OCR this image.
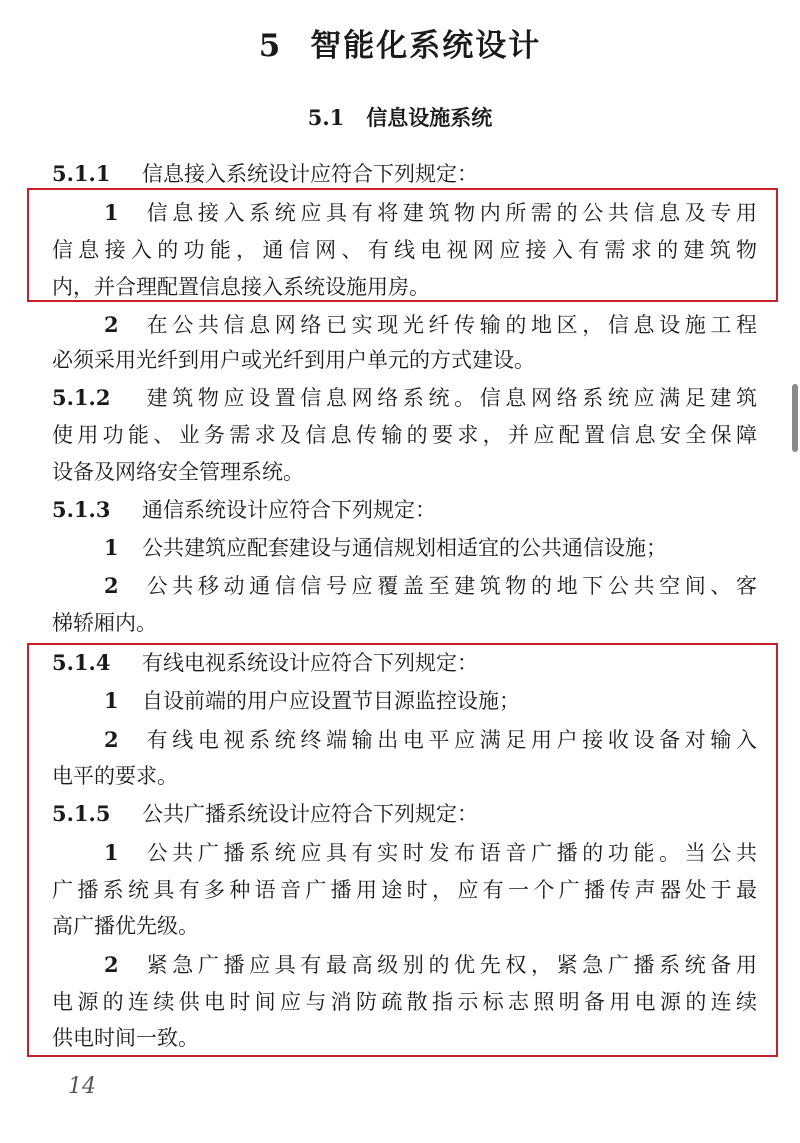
5 智能化系统设计
5.1 信息设施系统
5.1.1 信息接入系统设计应符合下列规定：
1 信息接入系统应具有将建筑物内所需的公共信息及专用
信息接入的功能，通信网、有线电视网应接入有需求的建筑物
内，并合理配置信息接入系统设施用房。
2 在公共信息网络已实现光纤传输的地区，信息设施工程
必须采用光纤到用户或光纤到用户单元的方式建设。
5.1.2 建筑物应设置信息网络系统。信息网络系统应满足建筑
使用功能、业务需求及信息传输的要求，并应配置信息安全保障
设备及网络安全管理系统。
5.1.3 通信系统设计应符合下列规定：
1 公共建筑应配套建设与通信规划相适宜的公共通信设施；
2 公共移动通信信号应覆盖至建筑物的地下公共空间、客
梯轿厢内。
5.1.4 有线电视系统设计应符合下列规定：
1 自设前端的用户应设置节目源监控设施；
2 有线电视系统终端输出电平应满足用户接收设备对输入
电平的要求。
5.1.5 公共广播系统设计应符合下列规定：
1 公共广播系统应具有实时发布语音广播的功能。当公共
广播系统具有多种语音广播用途时，应有一个广播传声器处于最
高广播优先级。
2 紧急广播应具有最高级别的优先权，紧急广播系统备用
电源的连续供电时间应与消防疏散指示标志照明备用电源的连续
供电时间一致。
14
